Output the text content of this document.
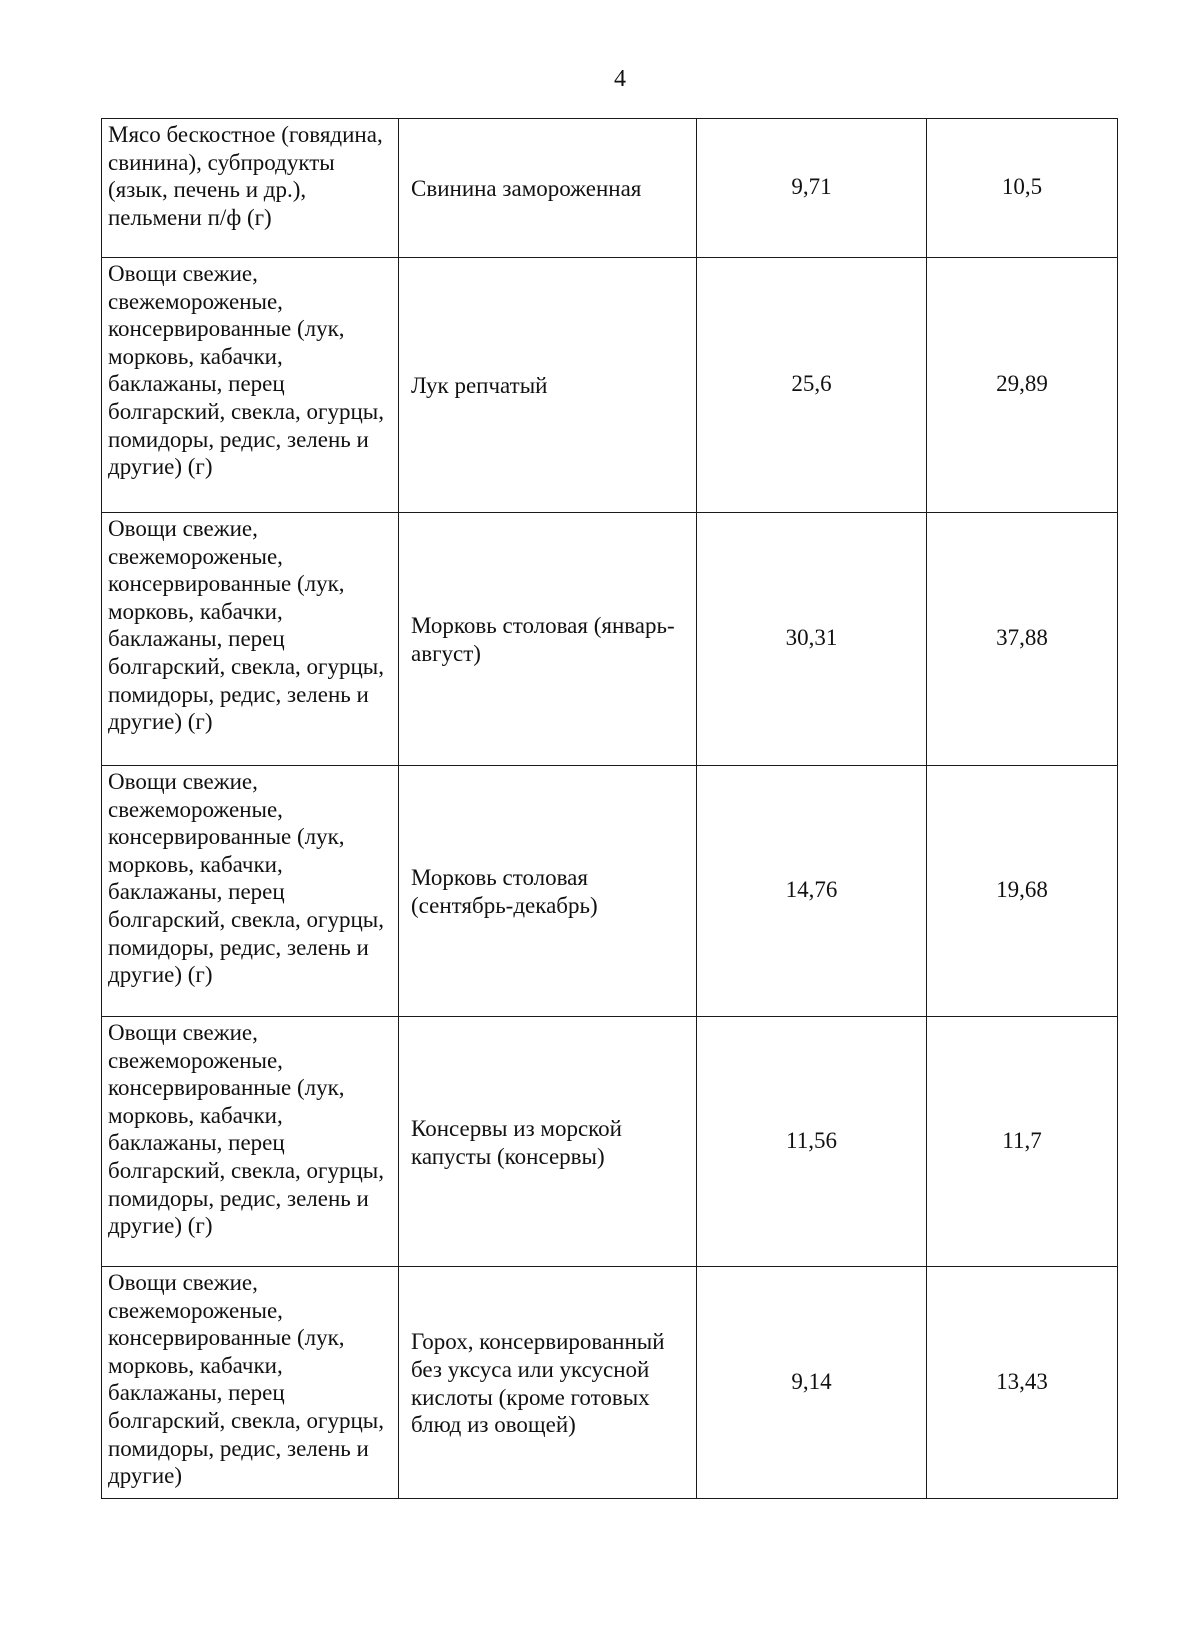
4
Мясо бескостное (говядина, свинина), субпродукты (язык, печень и др.), пельмени п/ф (г)	Свинина замороженная	9,71	10,5
Овощи свежие, свежемороженые, консервированные (лук, морковь, кабачки, баклажаны, перец болгарский, свекла, огурцы, помидоры, редис, зелень и другие) (г)	Лук репчатый	25,6	29,89
Овощи свежие, свежемороженые, консервированные (лук, морковь, кабачки, баклажаны, перец болгарский, свекла, огурцы, помидоры, редис, зелень и другие) (г)	Морковь столовая (январь-август)	30,31	37,88
Овощи свежие, свежемороженые, консервированные (лук, морковь, кабачки, баклажаны, перец болгарский, свекла, огурцы, помидоры, редис, зелень и другие) (г)	Морковь столовая (сентябрь-декабрь)	14,76	19,68
Овощи свежие, свежемороженые, консервированные (лук, морковь, кабачки, баклажаны, перец болгарский, свекла, огурцы, помидоры, редис, зелень и другие) (г)	Консервы из морской капусты (консервы)	11,56	11,7
Овощи свежие, свежемороженые, консервированные (лук, морковь, кабачки, баклажаны, перец болгарский, свекла, огурцы, помидоры, редис, зелень и другие)	Горох, консервированный без уксуса или уксусной кислоты (кроме готовых блюд из овощей)	9,14	13,43
